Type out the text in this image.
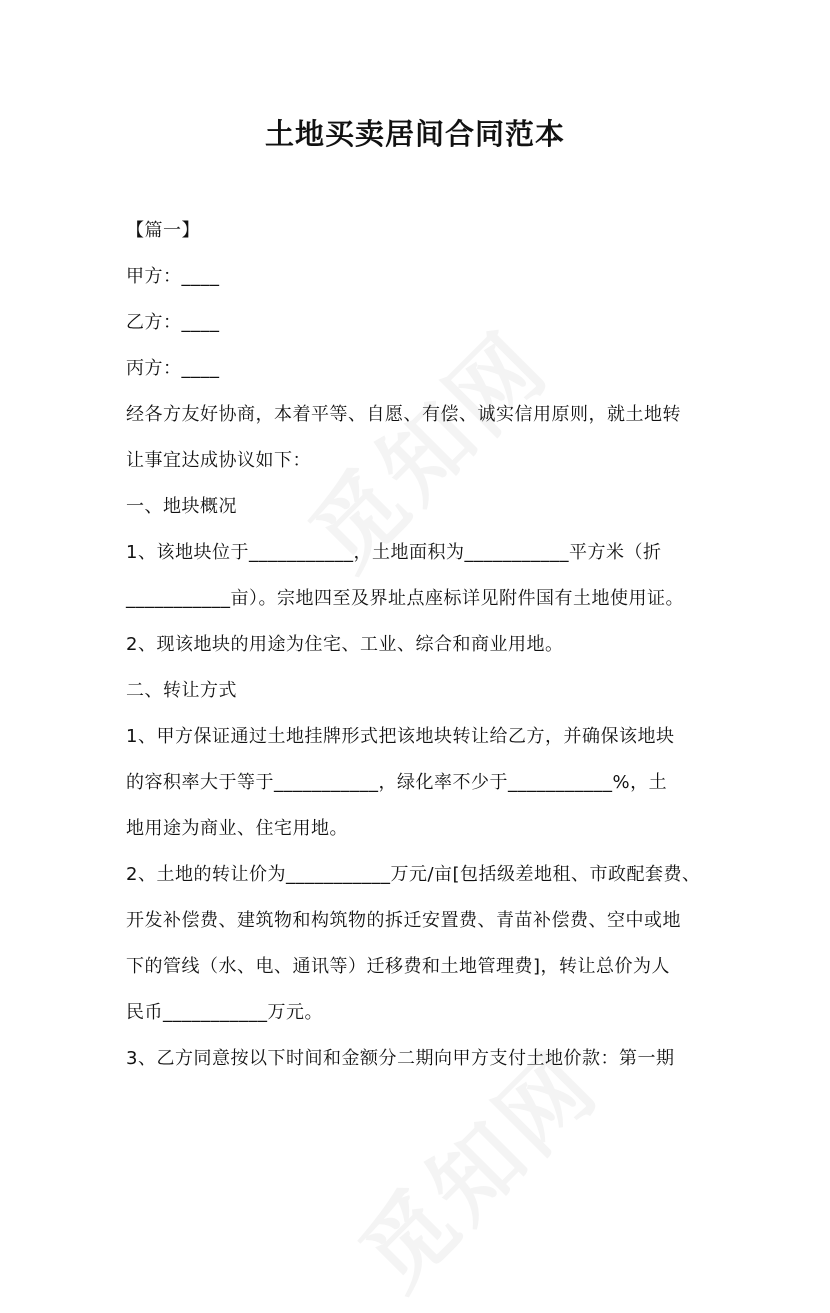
土地买卖居间合同范本
【篇一】
甲方：____
乙方：____
丙方：____
经各方友好协商，本着平等、自愿、有偿、诚实信用原则，就土地转
让事宜达成协议如下：
一、地块概况
1、该地块位于___________，土地面积为___________平方米（折
___________亩）。宗地四至及界址点座标详见附件国有土地使用证。
2、现该地块的用途为住宅、工业、综合和商业用地。
二、转让方式
1、甲方保证通过土地挂牌形式把该地块转让给乙方，并确保该地块
的容积率大于等于___________，绿化率不少于___________%，土
地用途为商业、住宅用地。
2、土地的转让价为___________万元/亩[包括级差地租、市政配套费、
开发补偿费、建筑物和构筑物的拆迁安置费、青苗补偿费、空中或地
下的管线（水、电、通讯等）迁移费和土地管理费]，转让总价为人
民币___________万元。
3、乙方同意按以下时间和金额分二期向甲方支付土地价款：第一期
